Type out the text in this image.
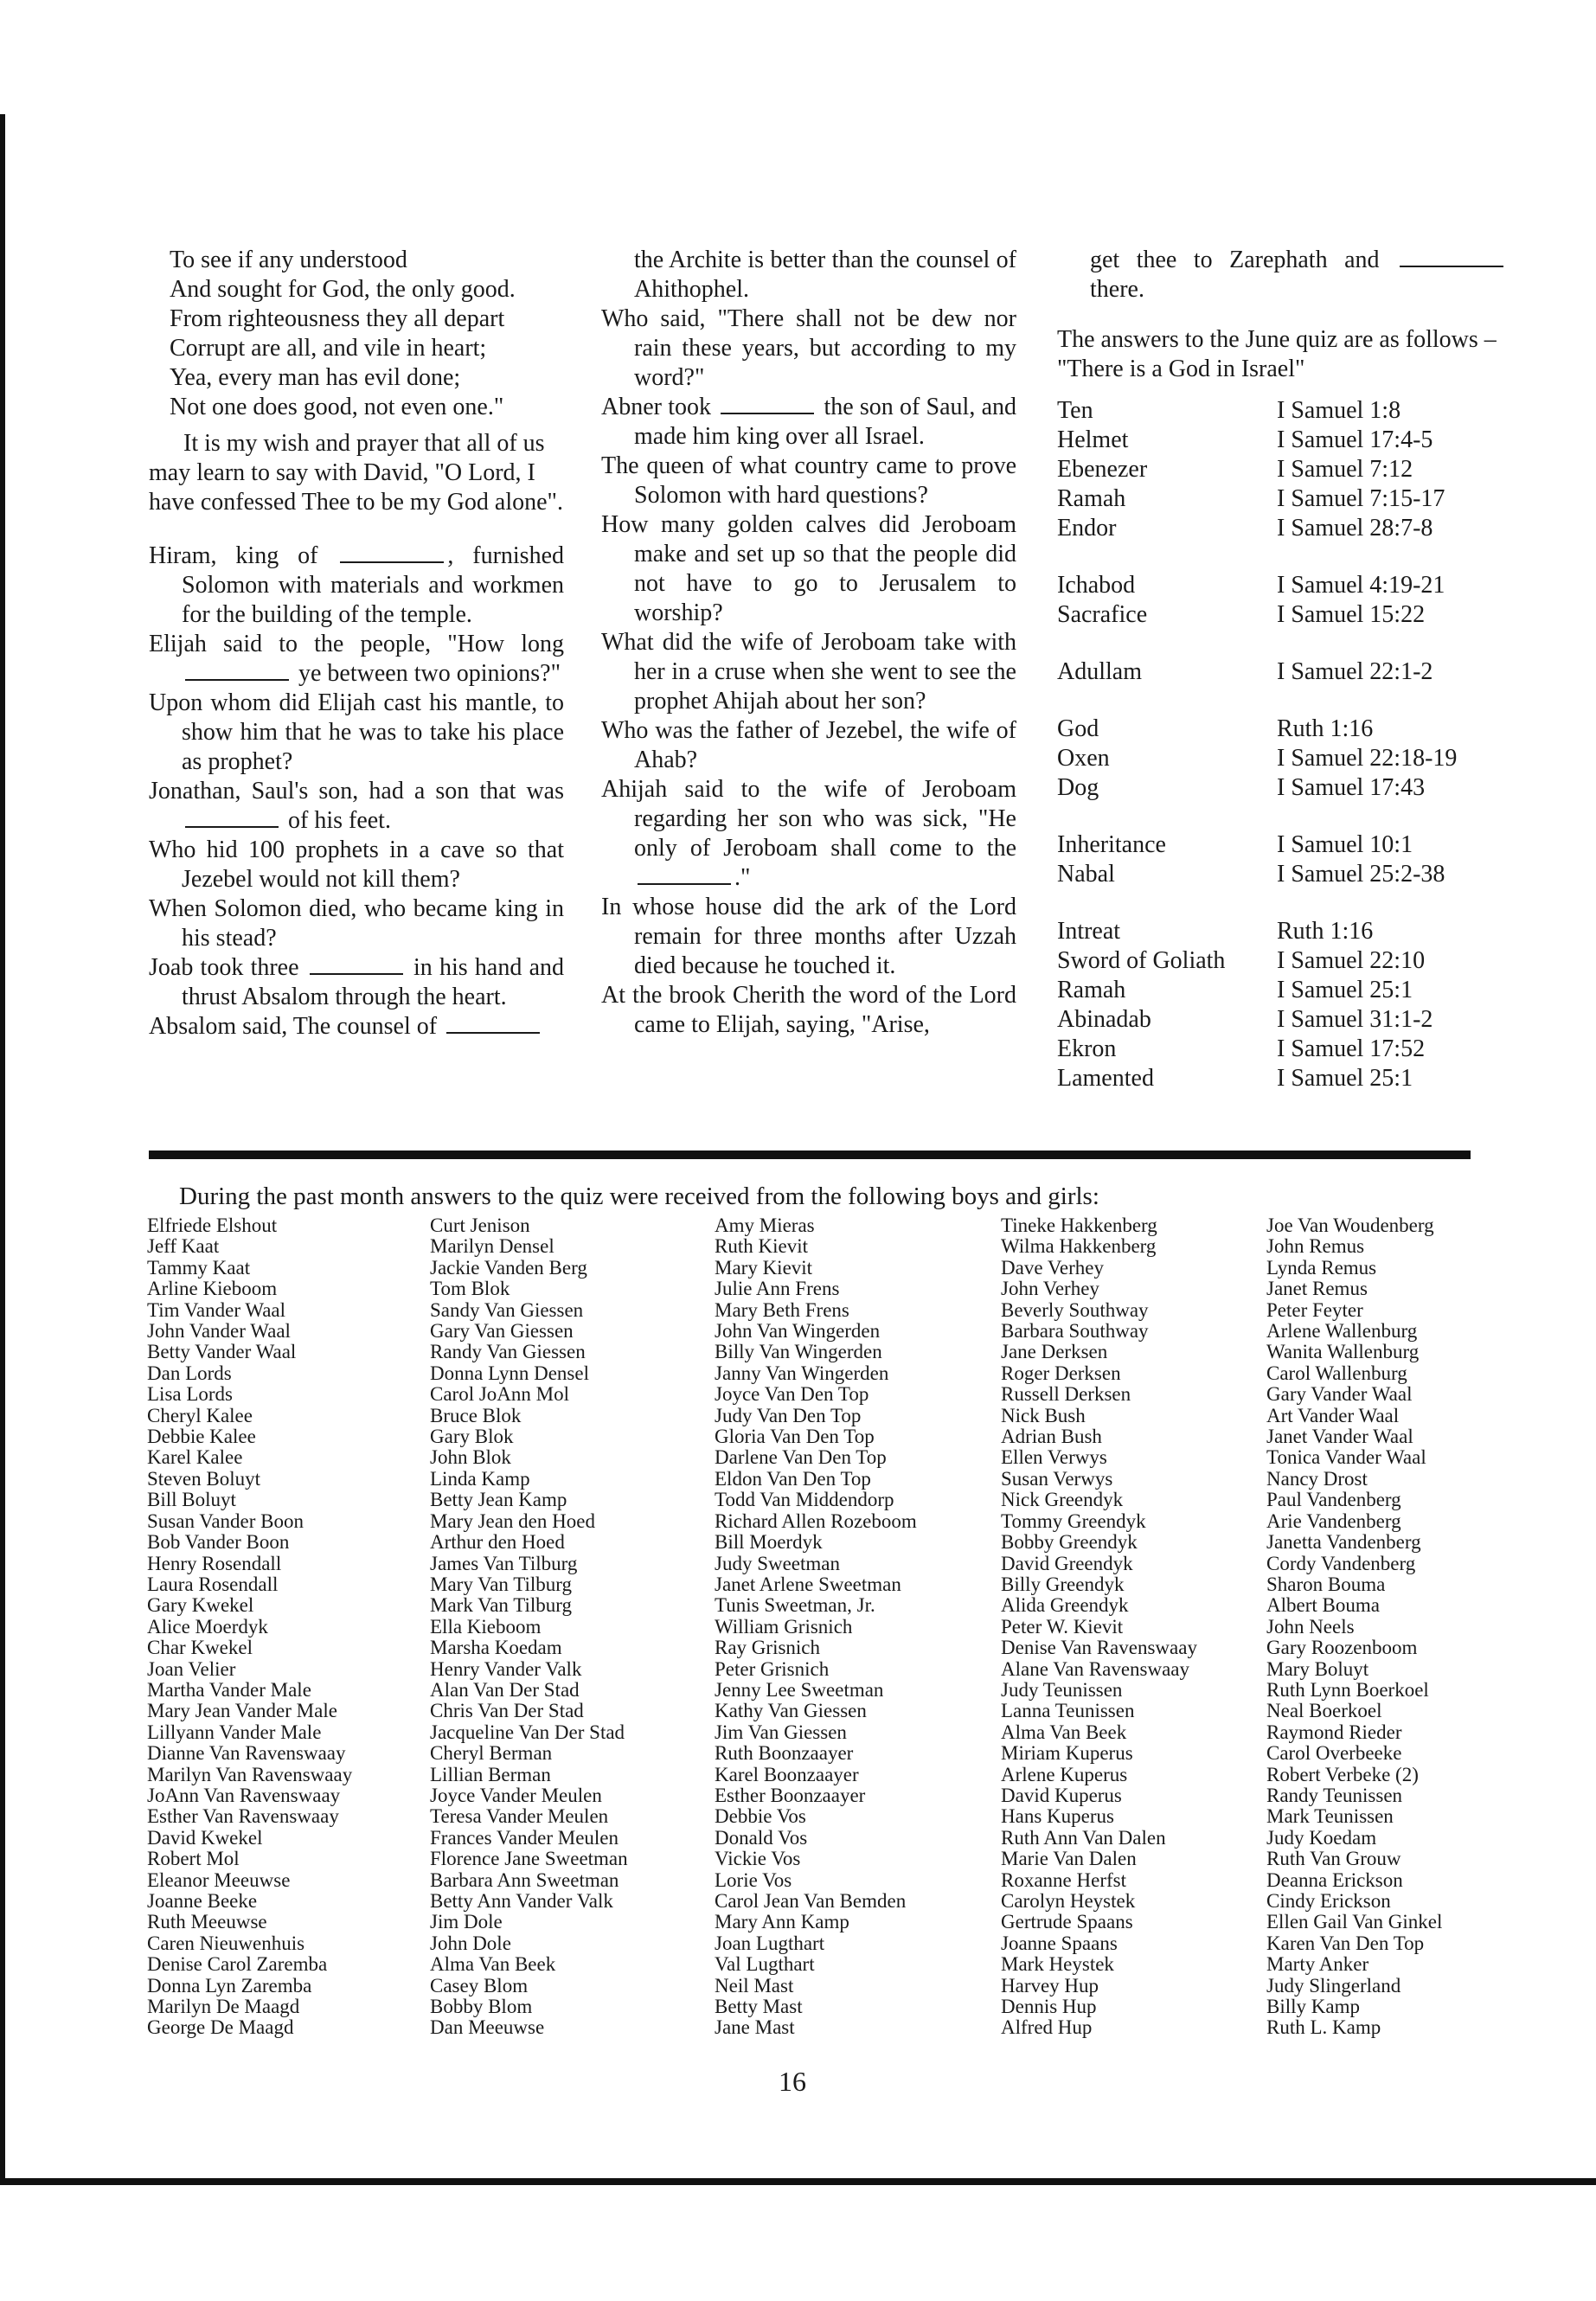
To see if any understood

And sought for God, the only good.

From righteousness they all depart

Corrupt are all, and vile in heart;

Yea, every man has evil done;

Not one does good, not even one."

It is my wish and prayer that all of us may learn to say with David, "O Lord, I have confessed Thee to be my God alone".

Hiram, king of	, furnished Solomon with materials and workmen for the building of the temple.

Elijah said to the people, "How long  ye between two opinions?"

Upon whom did Elijah cast his mantle, to show him that he was to take his place as prophet?

Jonathan, Saul's son, had a son that was  of his feet.

Who hid 100 prophets in a cave so that Jezebel would not kill them?

When Solomon died, who became king in his stead?

Joab took three	in his hand and thrust Absalom through the heart.

Absalom said, The counsel of

the Archite is better than the counsel of Ahithophel.

Who said, "There shall not be dew nor rain these years, but according to my word?"

Abner took	the son of Saul, and made him king over all Israel.

The queen of what country came to prove Solomon with hard questions?

How many golden calves did Jeroboam make and set up so that the people did not have to go to Jerusalem to worship?

What did the wife of Jeroboam take with her in a cruse when she went to see the prophet Ahijah about her son?

Who was the father of Jezebel, the wife of Ahab?

Ahijah said to the wife of Jeroboam regarding her son who was sick, "He only of Jeroboam shall come to the ."

In whose house did the ark of the Lord remain for three months after Uzzah died because he touched it.

At the brook Cherith the word of the Lord came to Elijah, saying, "Arise,

get thee to Zarephath and  there.

The answers to the June quiz are as follows –

"There is a God in Israel"

Ten	I Samuel 1:8
Helmet	I Samuel 17:4-5
Ebenezer	I Samuel 7:12
Ramah	I Samuel 7:15-17
Endor	I Samuel 28:7-8
Ichabod	I Samuel 4:19-21
Sacrafice	I Samuel 15:22
Adullam	I Samuel 22:1-2
God	Ruth 1:16
Oxen	I Samuel 22:18-19
Dog	I Samuel 17:43
Inheritance	I Samuel 10:1
Nabal	I Samuel 25:2-38
Intreat	Ruth 1:16
Sword of Goliath	I Samuel 22:10
Ramah	I Samuel 25:1
Abinadab	I Samuel 31:1-2
Ekron	I Samuel 17:52
Lamented	I Samuel 25:1
During the past month answers to the quiz were received from the following boys and girls:
Elfriede Elshout
Jeff Kaat
Tammy Kaat
Arline Kieboom
Tim Vander Waal
John Vander Waal
Betty Vander Waal
Dan Lords
Lisa Lords
Cheryl Kalee
Debbie Kalee
Karel Kalee
Steven Boluyt
Bill Boluyt
Susan Vander Boon
Bob Vander Boon
Henry Rosendall
Laura Rosendall
Gary Kwekel
Alice Moerdyk
Char Kwekel
Joan Velier
Martha Vander Male
Mary Jean Vander Male
Lillyann Vander Male
Dianne Van Ravenswaay
Marilyn Van Ravenswaay
JoAnn Van Ravenswaay
Esther Van Ravenswaay
David Kwekel
Robert Mol
Eleanor Meeuwse
Joanne Beeke
Ruth Meeuwse
Caren Nieuwenhuis
Denise Carol Zaremba
Donna Lyn Zaremba
Marilyn De Maagd
George De Maagd
Curt Jenison
Marilyn Densel
Jackie Vanden Berg
Tom Blok
Sandy Van Giessen
Gary Van Giessen
Randy Van Giessen
Donna Lynn Densel
Carol JoAnn Mol
Bruce Blok
Gary Blok
John Blok
Linda Kamp
Betty Jean Kamp
Mary Jean den Hoed
Arthur den Hoed
James Van Tilburg
Mary Van Tilburg
Mark Van Tilburg
Ella Kieboom
Marsha Koedam
Henry Vander Valk
Alan Van Der Stad
Chris Van Der Stad
Jacqueline Van Der Stad
Cheryl Berman
Lillian Berman
Joyce Vander Meulen
Teresa Vander Meulen
Frances Vander Meulen
Florence Jane Sweetman
Barbara Ann Sweetman
Betty Ann Vander Valk
Jim Dole
John Dole
Alma Van Beek
Casey Blom
Bobby Blom
Dan Meeuwse
Amy Mieras
Ruth Kievit
Mary Kievit
Julie Ann Frens
Mary Beth Frens
John Van Wingerden
Billy Van Wingerden
Janny Van Wingerden
Joyce Van Den Top
Judy Van Den Top
Gloria Van Den Top
Darlene Van Den Top
Eldon Van Den Top
Todd Van Middendorp
Richard Allen Rozeboom
Bill Moerdyk
Judy Sweetman
Janet Arlene Sweetman
Tunis Sweetman, Jr.
William Grisnich
Ray Grisnich
Peter Grisnich
Jenny Lee Sweetman
Kathy Van Giessen
Jim Van Giessen
Ruth Boonzaayer
Karel Boonzaayer
Esther Boonzaayer
Debbie Vos
Donald Vos
Vickie Vos
Lorie Vos
Carol Jean Van Bemden
Mary Ann Kamp
Joan Lugthart
Val Lugthart
Neil Mast
Betty Mast
Jane Mast
Tineke Hakkenberg
Wilma Hakkenberg
Dave Verhey
John Verhey
Beverly Southway
Barbara Southway
Jane Derksen
Roger Derksen
Russell Derksen
Nick Bush
Adrian Bush
Ellen Verwys
Susan Verwys
Nick Greendyk
Tommy Greendyk
Bobby Greendyk
David Greendyk
Billy Greendyk
Alida Greendyk
Peter W. Kievit
Denise Van Ravenswaay
Alane Van Ravenswaay
Judy Teunissen
Lanna Teunissen
Alma Van Beek
Miriam Kuperus
Arlene Kuperus
David Kuperus
Hans Kuperus
Ruth Ann Van Dalen
Marie Van Dalen
Roxanne Herfst
Carolyn Heystek
Gertrude Spaans
Joanne Spaans
Mark Heystek
Harvey Hup
Dennis Hup
Alfred Hup
Joe Van Woudenberg
John Remus
Lynda Remus
Janet Remus
Peter Feyter
Arlene Wallenburg
Wanita Wallenburg
Carol Wallenburg
Gary Vander Waal
Art Vander Waal
Janet Vander Waal
Tonica Vander Waal
Nancy Drost
Paul Vandenberg
Arie Vandenberg
Janetta Vandenberg
Cordy Vandenberg
Sharon Bouma
Albert Bouma
John Neels
Gary Roozenboom
Mary Boluyt
Ruth Lynn Boerkoel
Neal Boerkoel
Raymond Rieder
Carol Overbeeke
Robert Verbeke (2)
Randy Teunissen
Mark Teunissen
Judy Koedam
Ruth Van Grouw
Deanna Erickson
Cindy Erickson
Ellen Gail Van Ginkel
Karen Van Den Top
Marty Anker
Judy Slingerland
Billy Kamp
Ruth L. Kamp
16
